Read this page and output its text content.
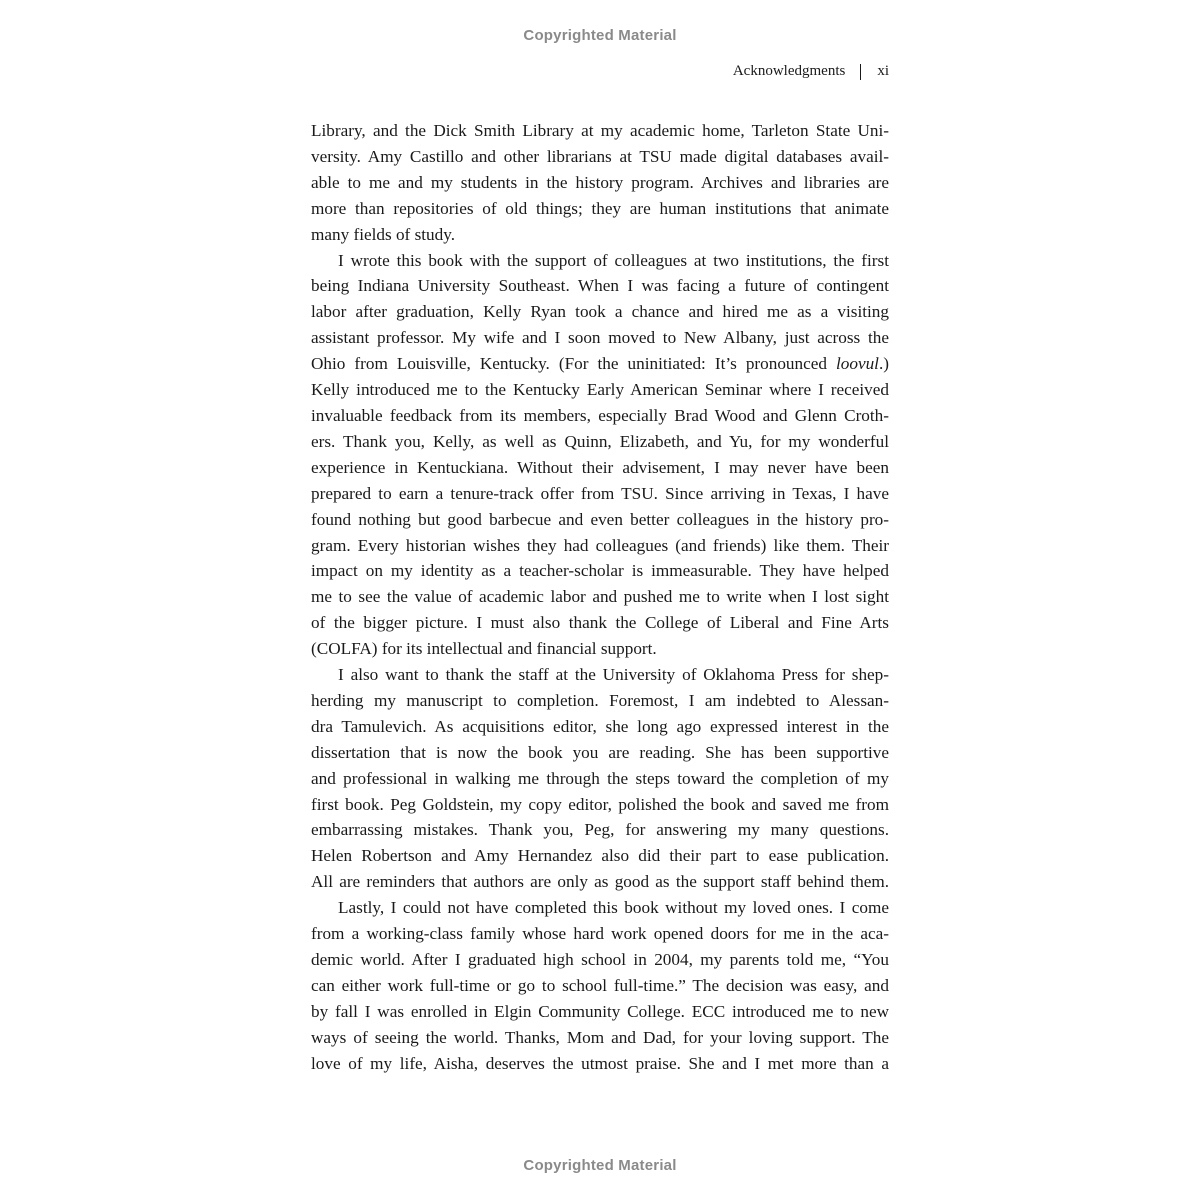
Copyrighted Material
Acknowledgments xi

Library, and the Dick Smith Library at my academic home, Tarleton State Uni-
versity. Amy Castillo and other librarians at TSU made digital databases avail-
able to me and my students in the history program. Archives and libraries are
more than repositories of old things; they are human institutions that animate
many fields of study.

I wrote this book with the support of colleagues at two institutions, the first
being Indiana University Southeast. When I was facing a future of contingent
labor after graduation, Kelly Ryan took a chance and hired me as a visiting
assistant professor. My wife and I soon moved to New Albany, just across the
Ohio from Louisville, Kentucky. (For the uninitiated: It’s pronounced loovul.)
Kelly introduced me to the Kentucky Early American Seminar where I received
invaluable feedback from its members, especially Brad Wood and Glenn Croth-
ers. Thank you, Kelly, as well as Quinn, Elizabeth, and Yu, for my wonderful
experience in Kentuckiana. Without their advisement, I may never have been
prepared to earn a tenure-track offer from TSU. Since arriving in Texas, I have
found nothing but good barbecue and even better colleagues in the history pro-
gram. Every historian wishes they had colleagues (and friends) like them. Their
impact on my identity as a teacher-scholar is immeasurable. They have helped
me to see the value of academic labor and pushed me to write when I lost sight
of the bigger picture. I must also thank the College of Liberal and Fine Arts
(COLFA) for its intellectual and financial support.

I also want to thank the staff at the University of Oklahoma Press for shep-
herding my manuscript to completion. Foremost, I am indebted to Alessan-
dra Tamulevich. As acquisitions editor, she long ago expressed interest in the
dissertation that is now the book you are reading. She has been supportive
and professional in walking me through the steps toward the completion of my
first book. Peg Goldstein, my copy editor, polished the book and saved me from
embarrassing mistakes. Thank you, Peg, for answering my many questions.
Helen Robertson and Amy Hernandez also did their part to ease publication.
All are reminders that authors are only as good as the support staff behind them.

Lastly, I could not have completed this book without my loved ones. I come
from a working-class family whose hard work opened doors for me in the aca-
demic world. After I graduated high school in 2004, my parents told me, “You
can either work full-time or go to school full-time.” The decision was easy, and
by fall I was enrolled in Elgin Community College. ECC introduced me to new
ways of seeing the world. Thanks, Mom and Dad, for your loving support. The
love of my life, Aisha, deserves the utmost praise. She and I met more than a

Copyrighted Material
